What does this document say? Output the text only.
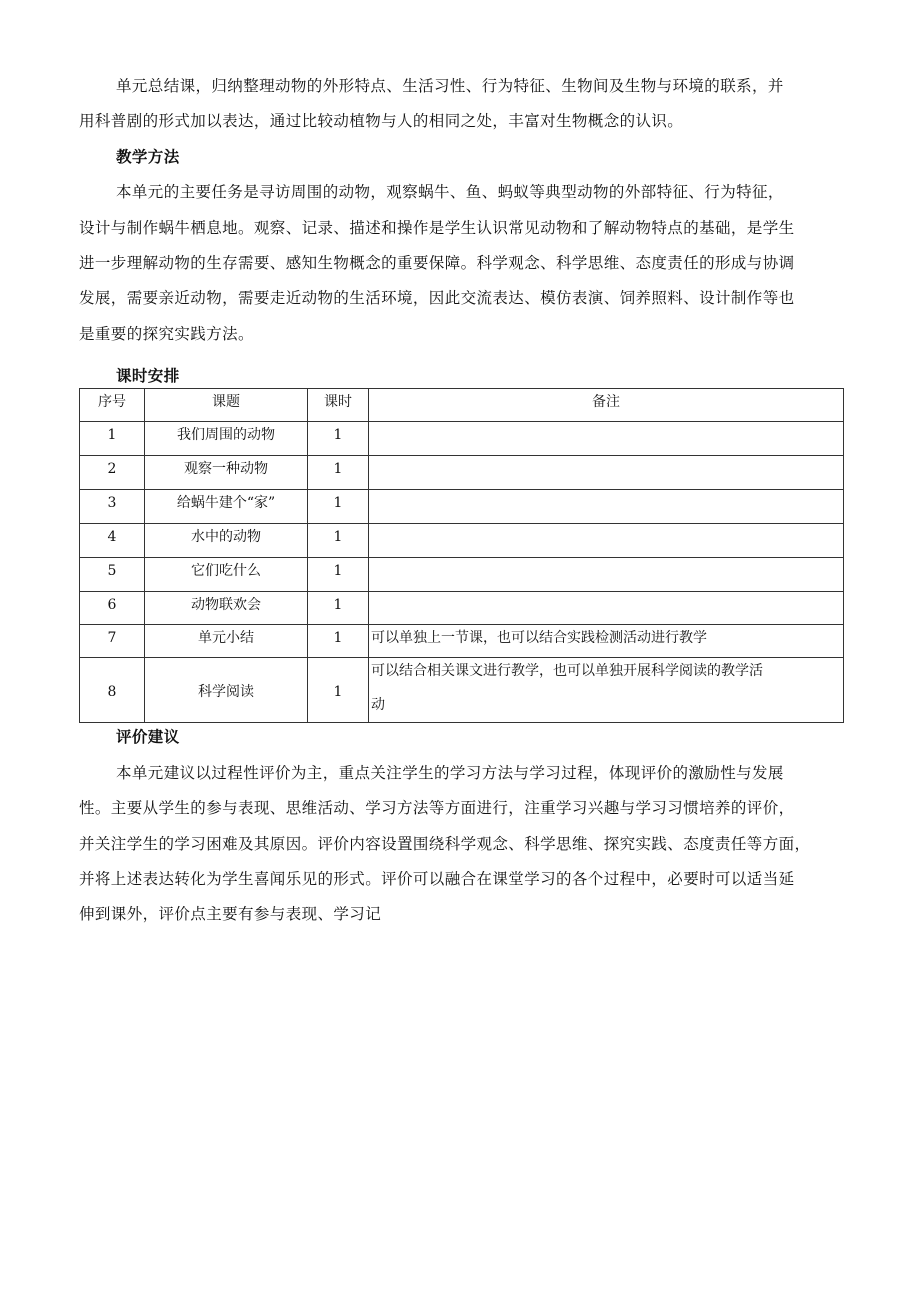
单元总结课，归纳整理动物的外形特点、生活习性、行为特征、生物间及生物与环境的联系，并
用科普剧的形式加以表达，通过比较动植物与人的相同之处，丰富对生物概念的认识。
教学方法
本单元的主要任务是寻访周围的动物，观察蜗牛、鱼、蚂蚁等典型动物的外部特征、行为特征，
设计与制作蜗牛栖息地。观察、记录、描述和操作是学生认识常见动物和了解动物特点的基础，是学生
进一步理解动物的生存需要、感知生物概念的重要保障。科学观念、科学思维、态度责任的形成与协调
发展，需要亲近动物，需要走近动物的生活环境，因此交流表达、模仿表演、饲养照料、设计制作等也
是重要的探究实践方法。
课时安排
序号	课题	课时	备注
1	我们周围的动物	1	
2	观察一种动物	1	
3	给蜗牛建个“家”	1	
4	水中的动物	1	
5	它们吃什么	1	
6	动物联欢会	1	
7	单元小结	1	可以单独上一节课，也可以结合实践检测活动进行教学
8	科学阅读	1	可以结合相关课文进行教学，也可以单独开展科学阅读的教学活
动
评价建议
本单元建议以过程性评价为主，重点关注学生的学习方法与学习过程，体现评价的激励性与发展
性。主要从学生的参与表现、思维活动、学习方法等方面进行，注重学习兴趣与学习习惯培养的评价，
并关注学生的学习困难及其原因。评价内容设置围绕科学观念、科学思维、探究实践、态度责任等方面，
并将上述表达转化为学生喜闻乐见的形式。评价可以融合在课堂学习的各个过程中，必要时可以适当延
伸到课外，评价点主要有参与表现、学习记
